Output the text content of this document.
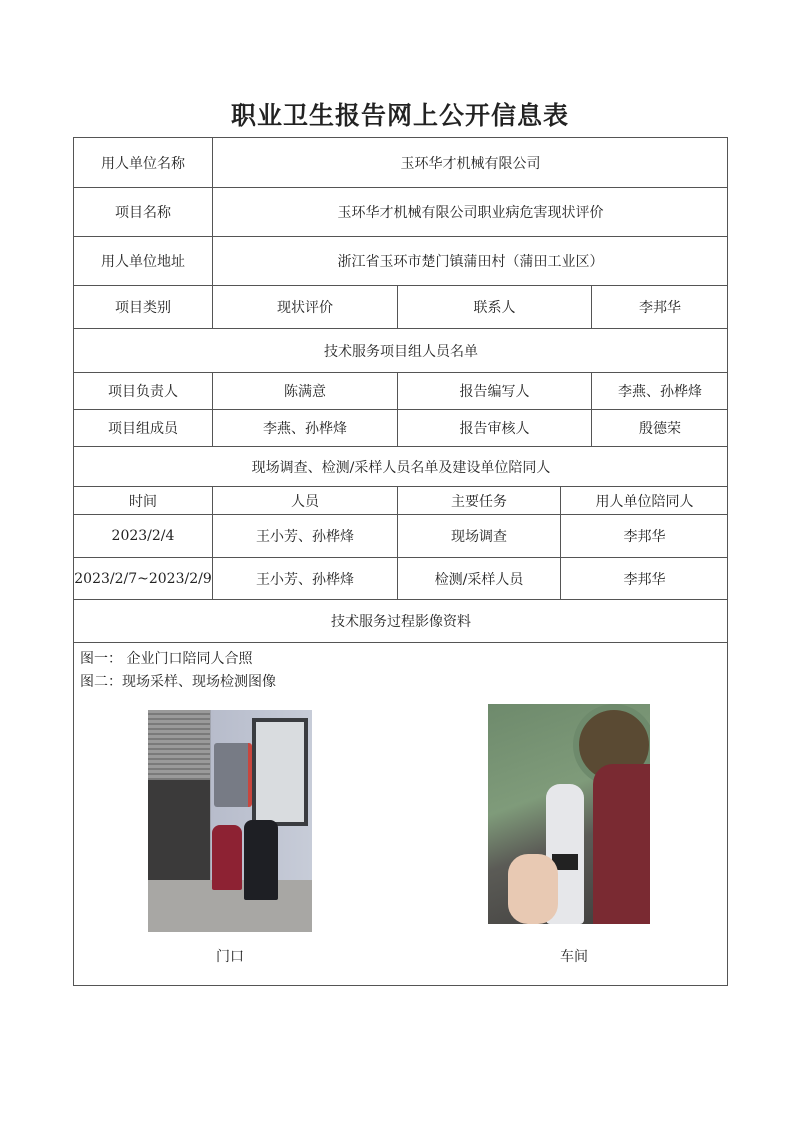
职业卫生报告网上公开信息表
用人单位名称	玉环华才机械有限公司
项目名称	玉环华才机械有限公司职业病危害现状评价
用人单位地址	浙江省玉环市楚门镇蒲田村（蒲田工业区）
项目类别	现状评价	联系人	李邦华
技术服务项目组人员名单
项目负责人	陈满意	报告编写人	李燕、孙桦烽
项目组成员	李燕、孙桦烽	报告审核人	殷德荣
现场调查、检测/采样人员名单及建设单位陪同人
时间	人员	主要任务	用人单位陪同人
2023/2/4	王小芳、孙桦烽	现场调查	李邦华
2023/2/7~2023/2/9	王小芳、孙桦烽	检测/采样人员	李邦华
技术服务过程影像资料
图一： 企业门口陪同人合照
图二：现场采样、现场检测图像
门口	车间
